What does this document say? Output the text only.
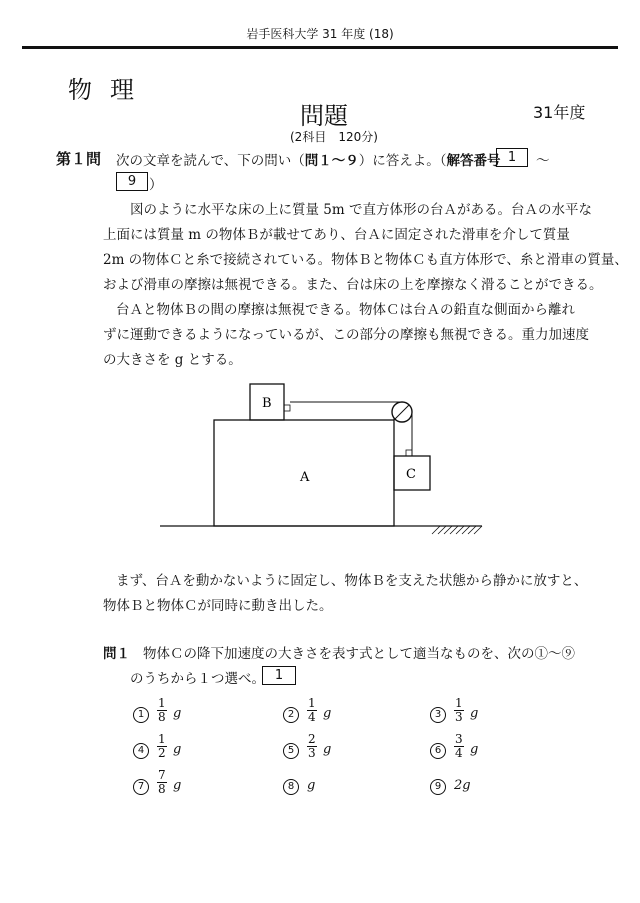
岩手医科大学 31 年度 (18)
物理
問題	31年度
(2科目　120分)
第１問 次の文章を読んで、下の問い（問１〜９）に答えよ。（解答番号 1	〜
9 ）
図のように水平な床の上に質量 5m で直方体形の台Ａがある。台Ａの水平な
上面には質量 m の物体Ｂが載せてあり、台Ａに固定された滑車を介して質量
2m の物体Ｃと糸で接続されている。物体Ｂと物体Ｃも直方体形で、糸と滑車の質量、
および滑車の摩擦は無視できる。また、台は床の上を摩擦なく滑ることができる。
台Ａと物体Ｂの間の摩擦は無視できる。物体Ｃは台Ａの鉛直な側面から離れ
ずに運動できるようになっているが、この部分の摩擦も無視できる。重力加速度
の大きさを g とする。
A
B
C
まず、台Ａを動かないように固定し、物体Ｂを支えた状態から静かに放すと、
物体Ｂと物体Ｃが同時に動き出した。
問１ 物体Ｃの降下加速度の大きさを表す式として適当なものを、次の①〜⑨
のうちから１つ選べ。 1
1	$\frac{1}{8}$ g	2	$\frac{1}{4}$ g	3	$\frac{1}{3}$ g
4	$\frac{1}{2}$ g	5	$\frac{2}{3}$ g	6	$\frac{3}{4}$ g
7	$\frac{7}{8}$ g	8 g	9 2g
